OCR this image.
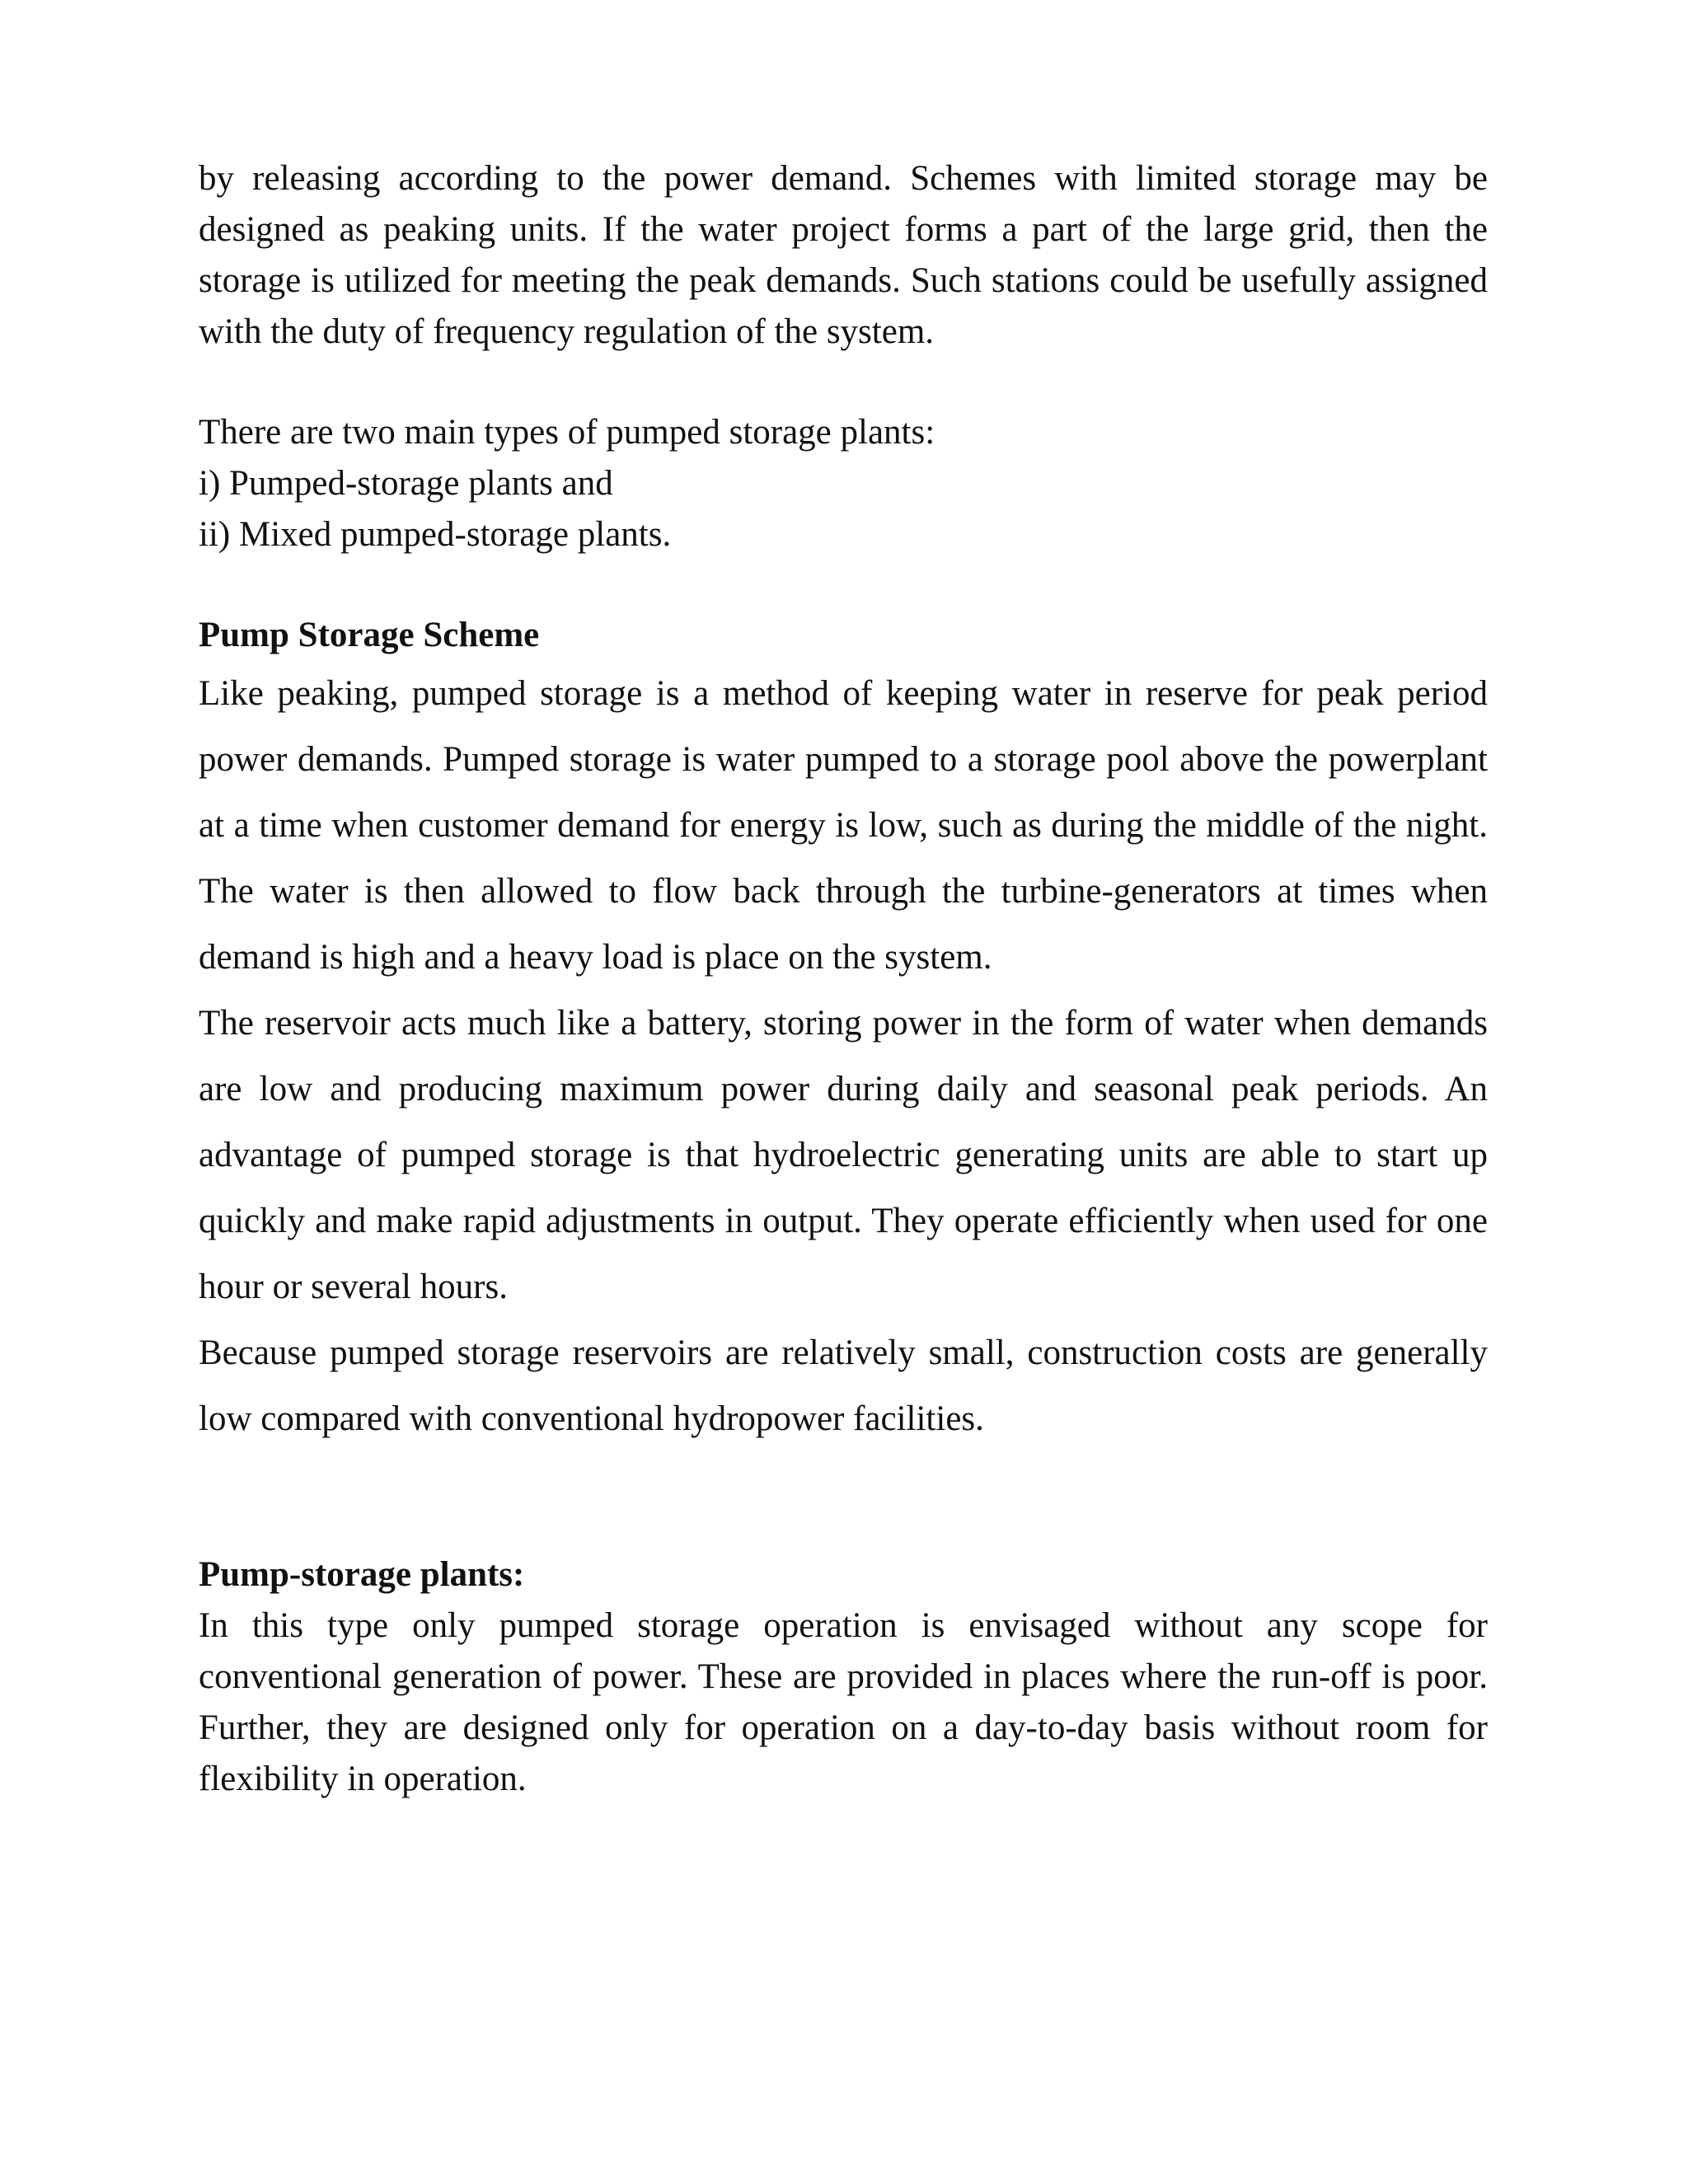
by releasing according to the power demand. Schemes with limited storage may be designed as peaking units. If the water project forms a part of the large grid, then the storage is utilized for meeting the peak demands. Such stations could be usefully assigned with the duty of frequency regulation of the system.

There are two main types of pumped storage plants:
i) Pumped-storage plants and
ii) Mixed pumped-storage plants.
Pump Storage Scheme

Like peaking, pumped storage is a method of keeping water in reserve for peak period power demands. Pumped storage is water pumped to a storage pool above the powerplant at a time when customer demand for energy is low, such as during the middle of the night. The water is then allowed to flow back through the turbine-generators at times when demand is high and a heavy load is place on the system.

The reservoir acts much like a battery, storing power in the form of water when demands are low and producing maximum power during daily and seasonal peak periods. An advantage of pumped storage is that hydroelectric generating units are able to start up quickly and make rapid adjustments in output. They operate efficiently when used for one hour or several hours.

Because pumped storage reservoirs are relatively small, construction costs are generally low compared with conventional hydropower facilities.

Pump-storage plants:

In this type only pumped storage operation is envisaged without any scope for conventional generation of power. These are provided in places where the run-off is poor. Further, they are designed only for operation on a day-to-day basis without room for flexibility in operation.
